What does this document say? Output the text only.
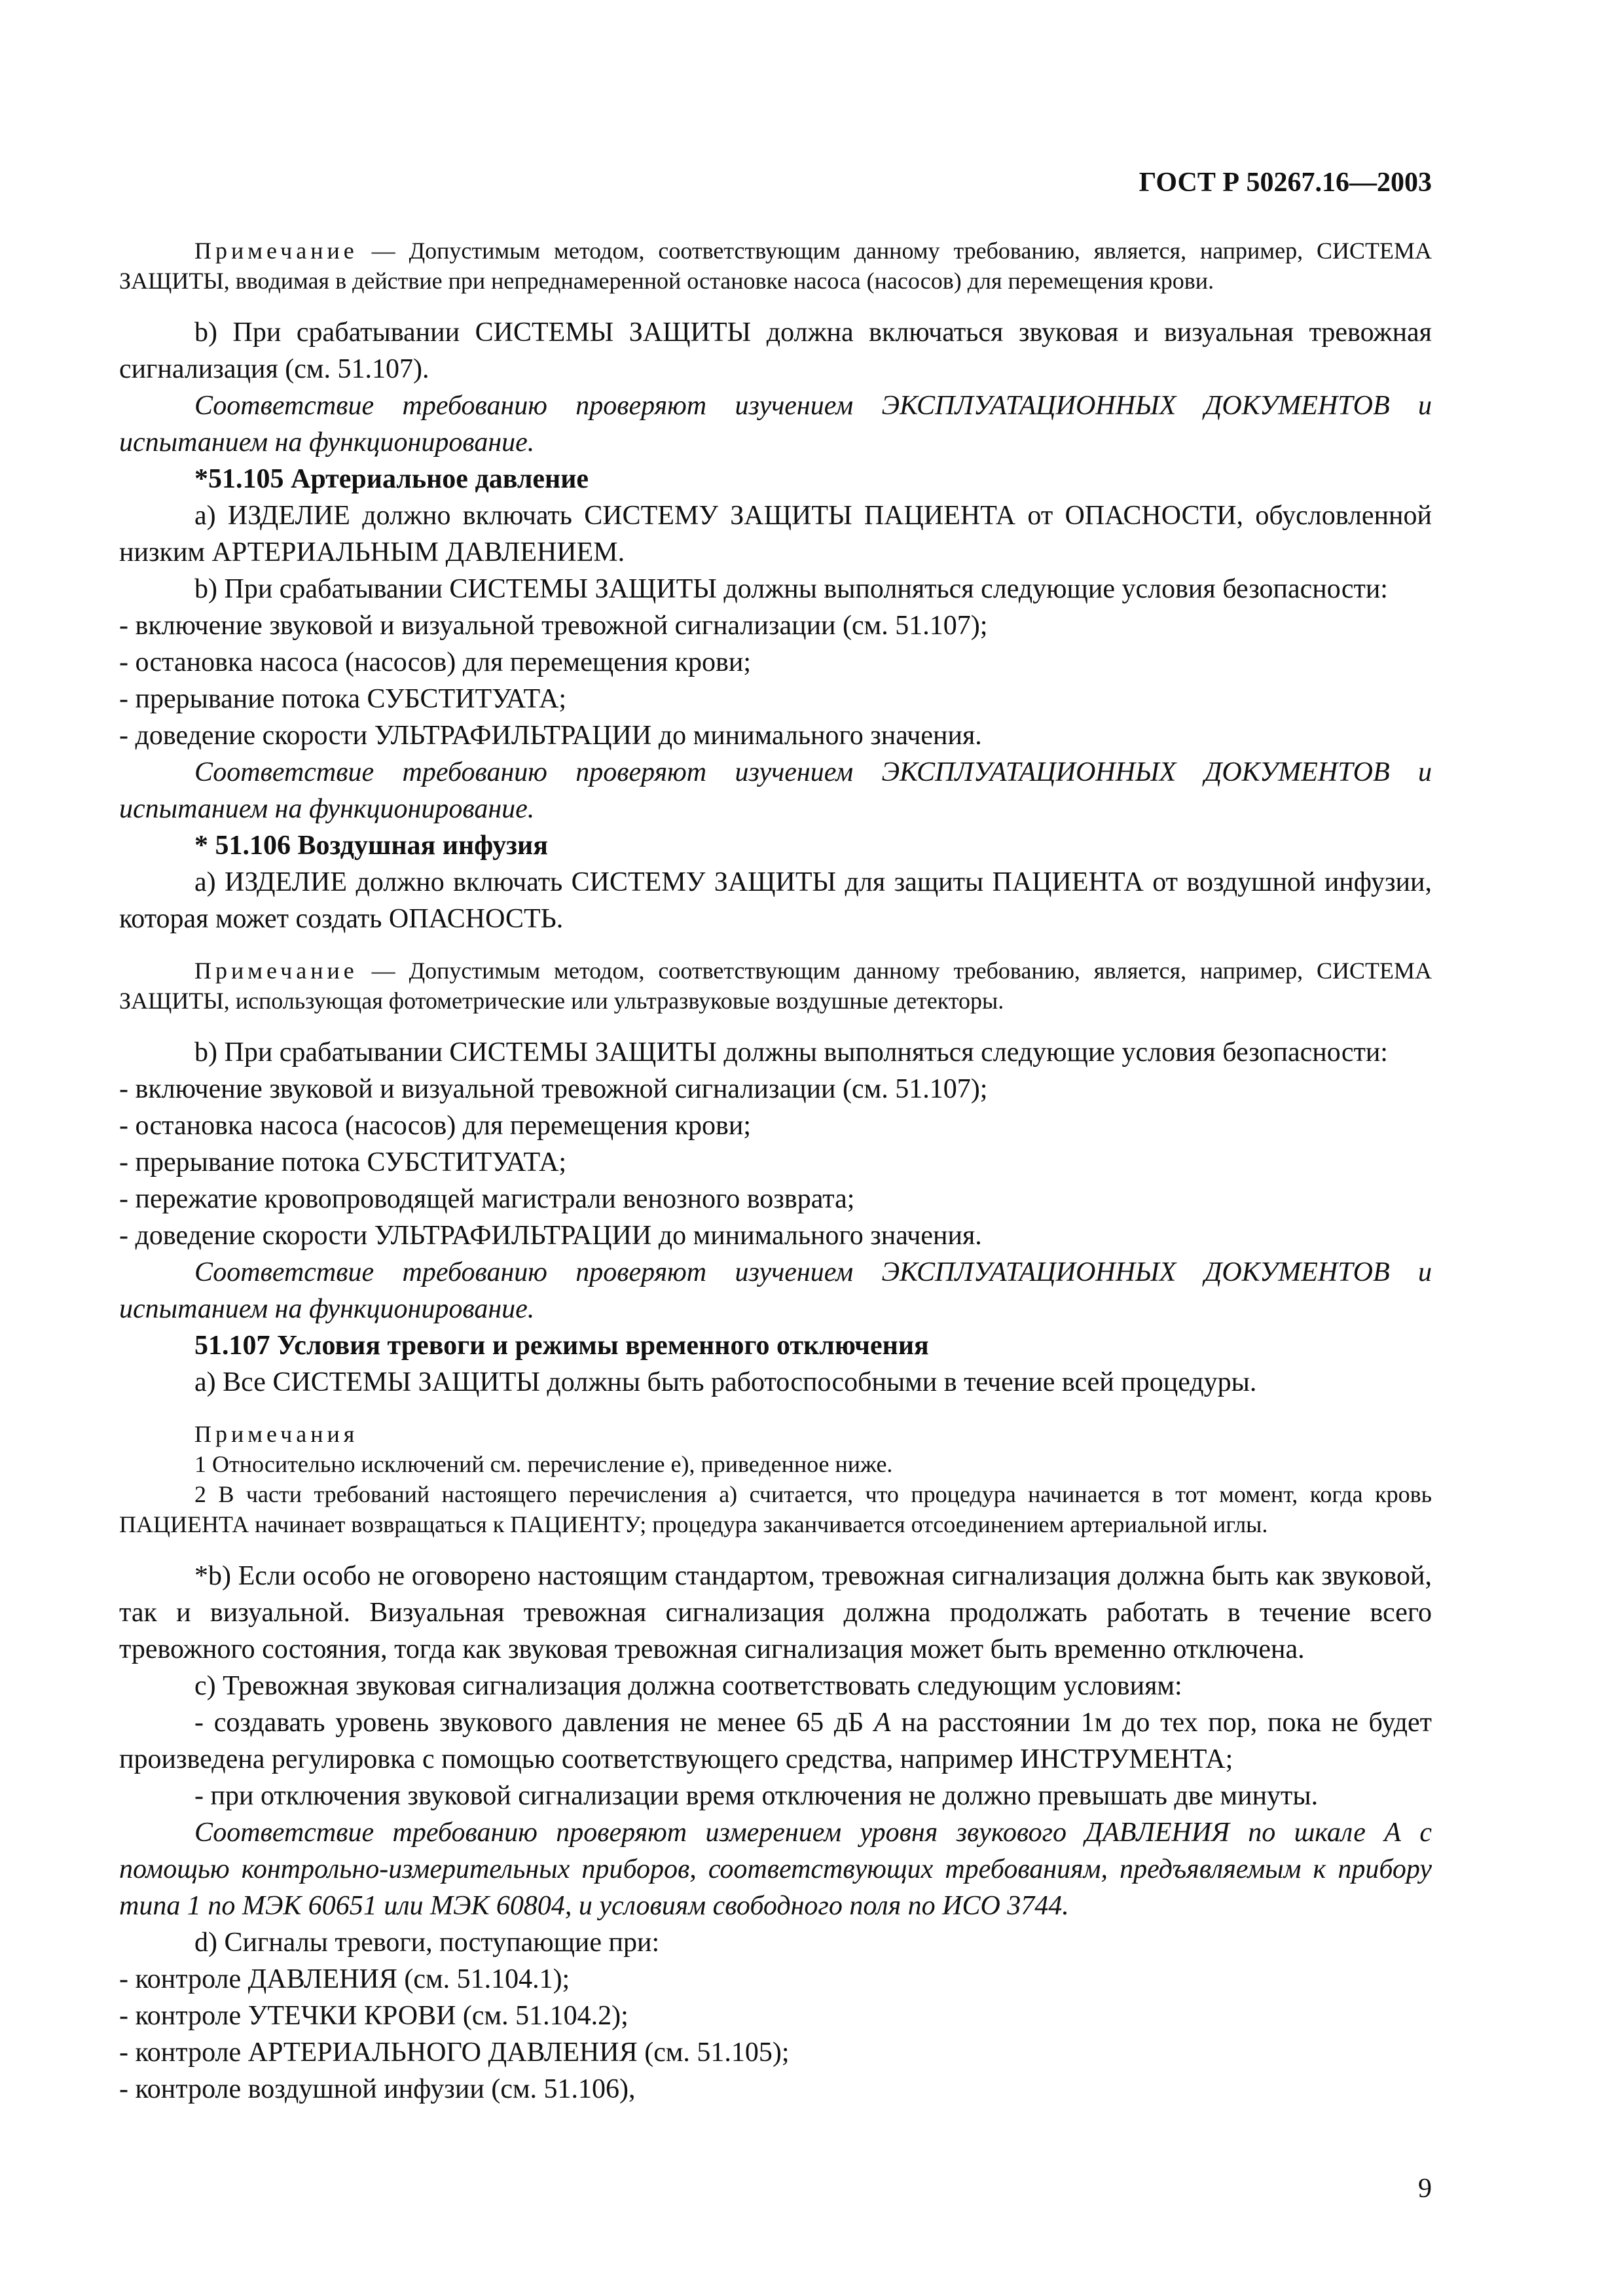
ГОСТ Р 50267.16—2003

Примечание — Допустимым методом, соответствующим данному требованию, является, например, СИСТЕМА ЗАЩИТЫ, вводимая в действие при непреднамеренной остановке насоса (насосов) для перемещения крови.

b) При срабатывании СИСТЕМЫ ЗАЩИТЫ должна включаться звуковая и визуальная тревожная сигнализация (см. 51.107).

Соответствие требованию проверяют изучением ЭКСПЛУАТАЦИОННЫХ ДОКУМЕНТОВ и испытанием на функционирование.

*51.105 Артериальное давление

а) ИЗДЕЛИЕ должно включать СИСТЕМУ ЗАЩИТЫ ПАЦИЕНТА от ОПАСНОСТИ, обусловленной низким АРТЕРИАЛЬНЫМ ДАВЛЕНИЕМ.

b) При срабатывании СИСТЕМЫ ЗАЩИТЫ должны выполняться следующие условия безопасности:

- включение звуковой и визуальной тревожной сигнализации (см. 51.107);

- остановка насоса (насосов) для перемещения крови;

- прерывание потока СУБСТИТУАТА;

- доведение скорости УЛЬТРАФИЛЬТРАЦИИ до минимального значения.

Соответствие требованию проверяют изучением ЭКСПЛУАТАЦИОННЫХ ДОКУМЕНТОВ и испытанием на функционирование.

* 51.106 Воздушная инфузия

а) ИЗДЕЛИЕ должно включать СИСТЕМУ ЗАЩИТЫ для защиты ПАЦИЕНТА от воздушной инфузии, которая может создать ОПАСНОСТЬ.

Примечание — Допустимым методом, соответствующим данному требованию, является, например, СИСТЕМА ЗАЩИТЫ, использующая фотометрические или ультразвуковые воздушные детекторы.

b) При срабатывании СИСТЕМЫ ЗАЩИТЫ должны выполняться следующие условия безопасности:

- включение звуковой и визуальной тревожной сигнализации (см. 51.107);

- остановка насоса (насосов) для перемещения крови;

- прерывание потока СУБСТИТУАТА;

- пережатие кровопроводящей магистрали венозного возврата;

- доведение скорости УЛЬТРАФИЛЬТРАЦИИ до минимального значения.

Соответствие требованию проверяют изучением ЭКСПЛУАТАЦИОННЫХ ДОКУМЕНТОВ и испытанием на функционирование.

51.107 Условия тревоги и режимы временного отключения

а) Все СИСТЕМЫ ЗАЩИТЫ должны быть работоспособными в течение всей процедуры.

Примечания

1 Относительно исключений см. перечисление е), приведенное ниже.

2 В части требований настоящего перечисления а) считается, что процедура начинается в тот момент, когда кровь ПАЦИЕНТА начинает возвращаться к ПАЦИЕНТУ; процедура заканчивается отсоединением артериальной иглы.

*b) Если особо не оговорено настоящим стандартом, тревожная сигнализация должна быть как звуковой, так и визуальной. Визуальная тревожная сигнализация должна продолжать работать в течение всего тревожного состояния, тогда как звуковая тревожная сигнализация может быть временно отключена.

с) Тревожная звуковая сигнализация должна соответствовать следующим условиям:

- создавать уровень звукового давления не менее 65 дБ А на расстоянии 1м до тех пор, пока не будет произведена регулировка с помощью соответствующего средства, например ИНСТРУМЕНТА;

- при отключения звуковой сигнализации время отключения не должно превышать две минуты.

Соответствие требованию проверяют измерением уровня звукового ДАВЛЕНИЯ по шкале А с помощью контрольно-измерительных приборов, соответствующих требованиям, предъявляемым к прибору типа 1 по МЭК 60651 или МЭК 60804, и условиям свободного поля по ИСО 3744.

d) Сигналы тревоги, поступающие при:

- контроле ДАВЛЕНИЯ (см. 51.104.1);

- контроле УТЕЧКИ КРОВИ (см. 51.104.2);

- контроле АРТЕРИАЛЬНОГО ДАВЛЕНИЯ (см. 51.105);

- контроле воздушной инфузии (см. 51.106),

9
